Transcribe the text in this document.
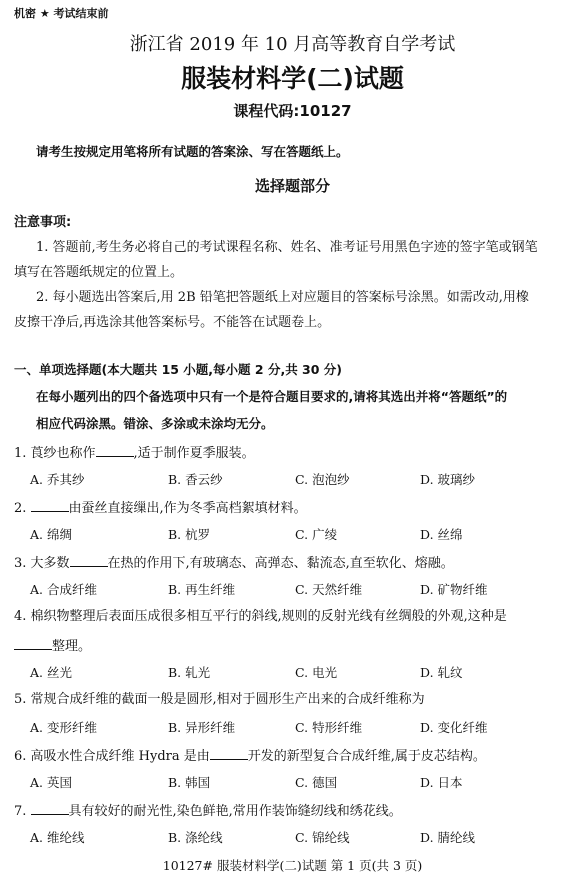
机密 ★ 考试结束前
浙江省 2019 年 10 月高等教育自学考试
服装材料学(二)试题
课程代码:10127
请考生按规定用笔将所有试题的答案涂、写在答题纸上。
选择题部分
注意事项:
1. 答题前,考生务必将自己的考试课程名称、姓名、准考证号用黑色字迹的签字笔或钢笔
填写在答题纸规定的位置上。
2. 每小题选出答案后,用 2B 铅笔把答题纸上对应题目的答案标号涂黑。如需改动,用橡
皮擦干净后,再选涂其他答案标号。不能答在试题卷上。
一、单项选择题(本大题共 15 小题,每小题 2 分,共 30 分)
在每小题列出的四个备选项中只有一个是符合题目要求的,请将其选出并将“答题纸”的
相应代码涂黑。错涂、多涂或未涂均无分。
1. 莨纱也称作	,适于制作夏季服装。
A. 乔其纱	B. 香云纱	C. 泡泡纱	D. 玻璃纱
2.	由蚕丝直接缫出,作为冬季高档絮填材料。
A. 绵绸	B. 杭罗	C. 广绫	D. 丝绵
3. 大多数	在热的作用下,有玻璃态、高弹态、黏流态,直至软化、熔融。
A. 合成纤维	B. 再生纤维	C. 天然纤维	D. 矿物纤维
4. 棉织物整理后表面压成很多相互平行的斜线,规则的反射光线有丝绸般的外观,这种是
整理。
A. 丝光	B. 轧光	C. 电光	D. 轧纹
5. 常规合成纤维的截面一般是圆形,相对于圆形生产出来的合成纤维称为
A. 变形纤维	B. 异形纤维	C. 特形纤维	D. 变化纤维
6. 高吸水性合成纤维 Hydra 是由	开发的新型复合合成纤维,属于皮芯结构。
A. 英国	B. 韩国	C. 德国	D. 日本
7.	具有较好的耐光性,染色鲜艳,常用作装饰缝纫线和绣花线。
A. 维纶线	B. 涤纶线	C. 锦纶线	D. 腈纶线
10127# 服装材料学(二)试题 第 1 页(共 3 页)
